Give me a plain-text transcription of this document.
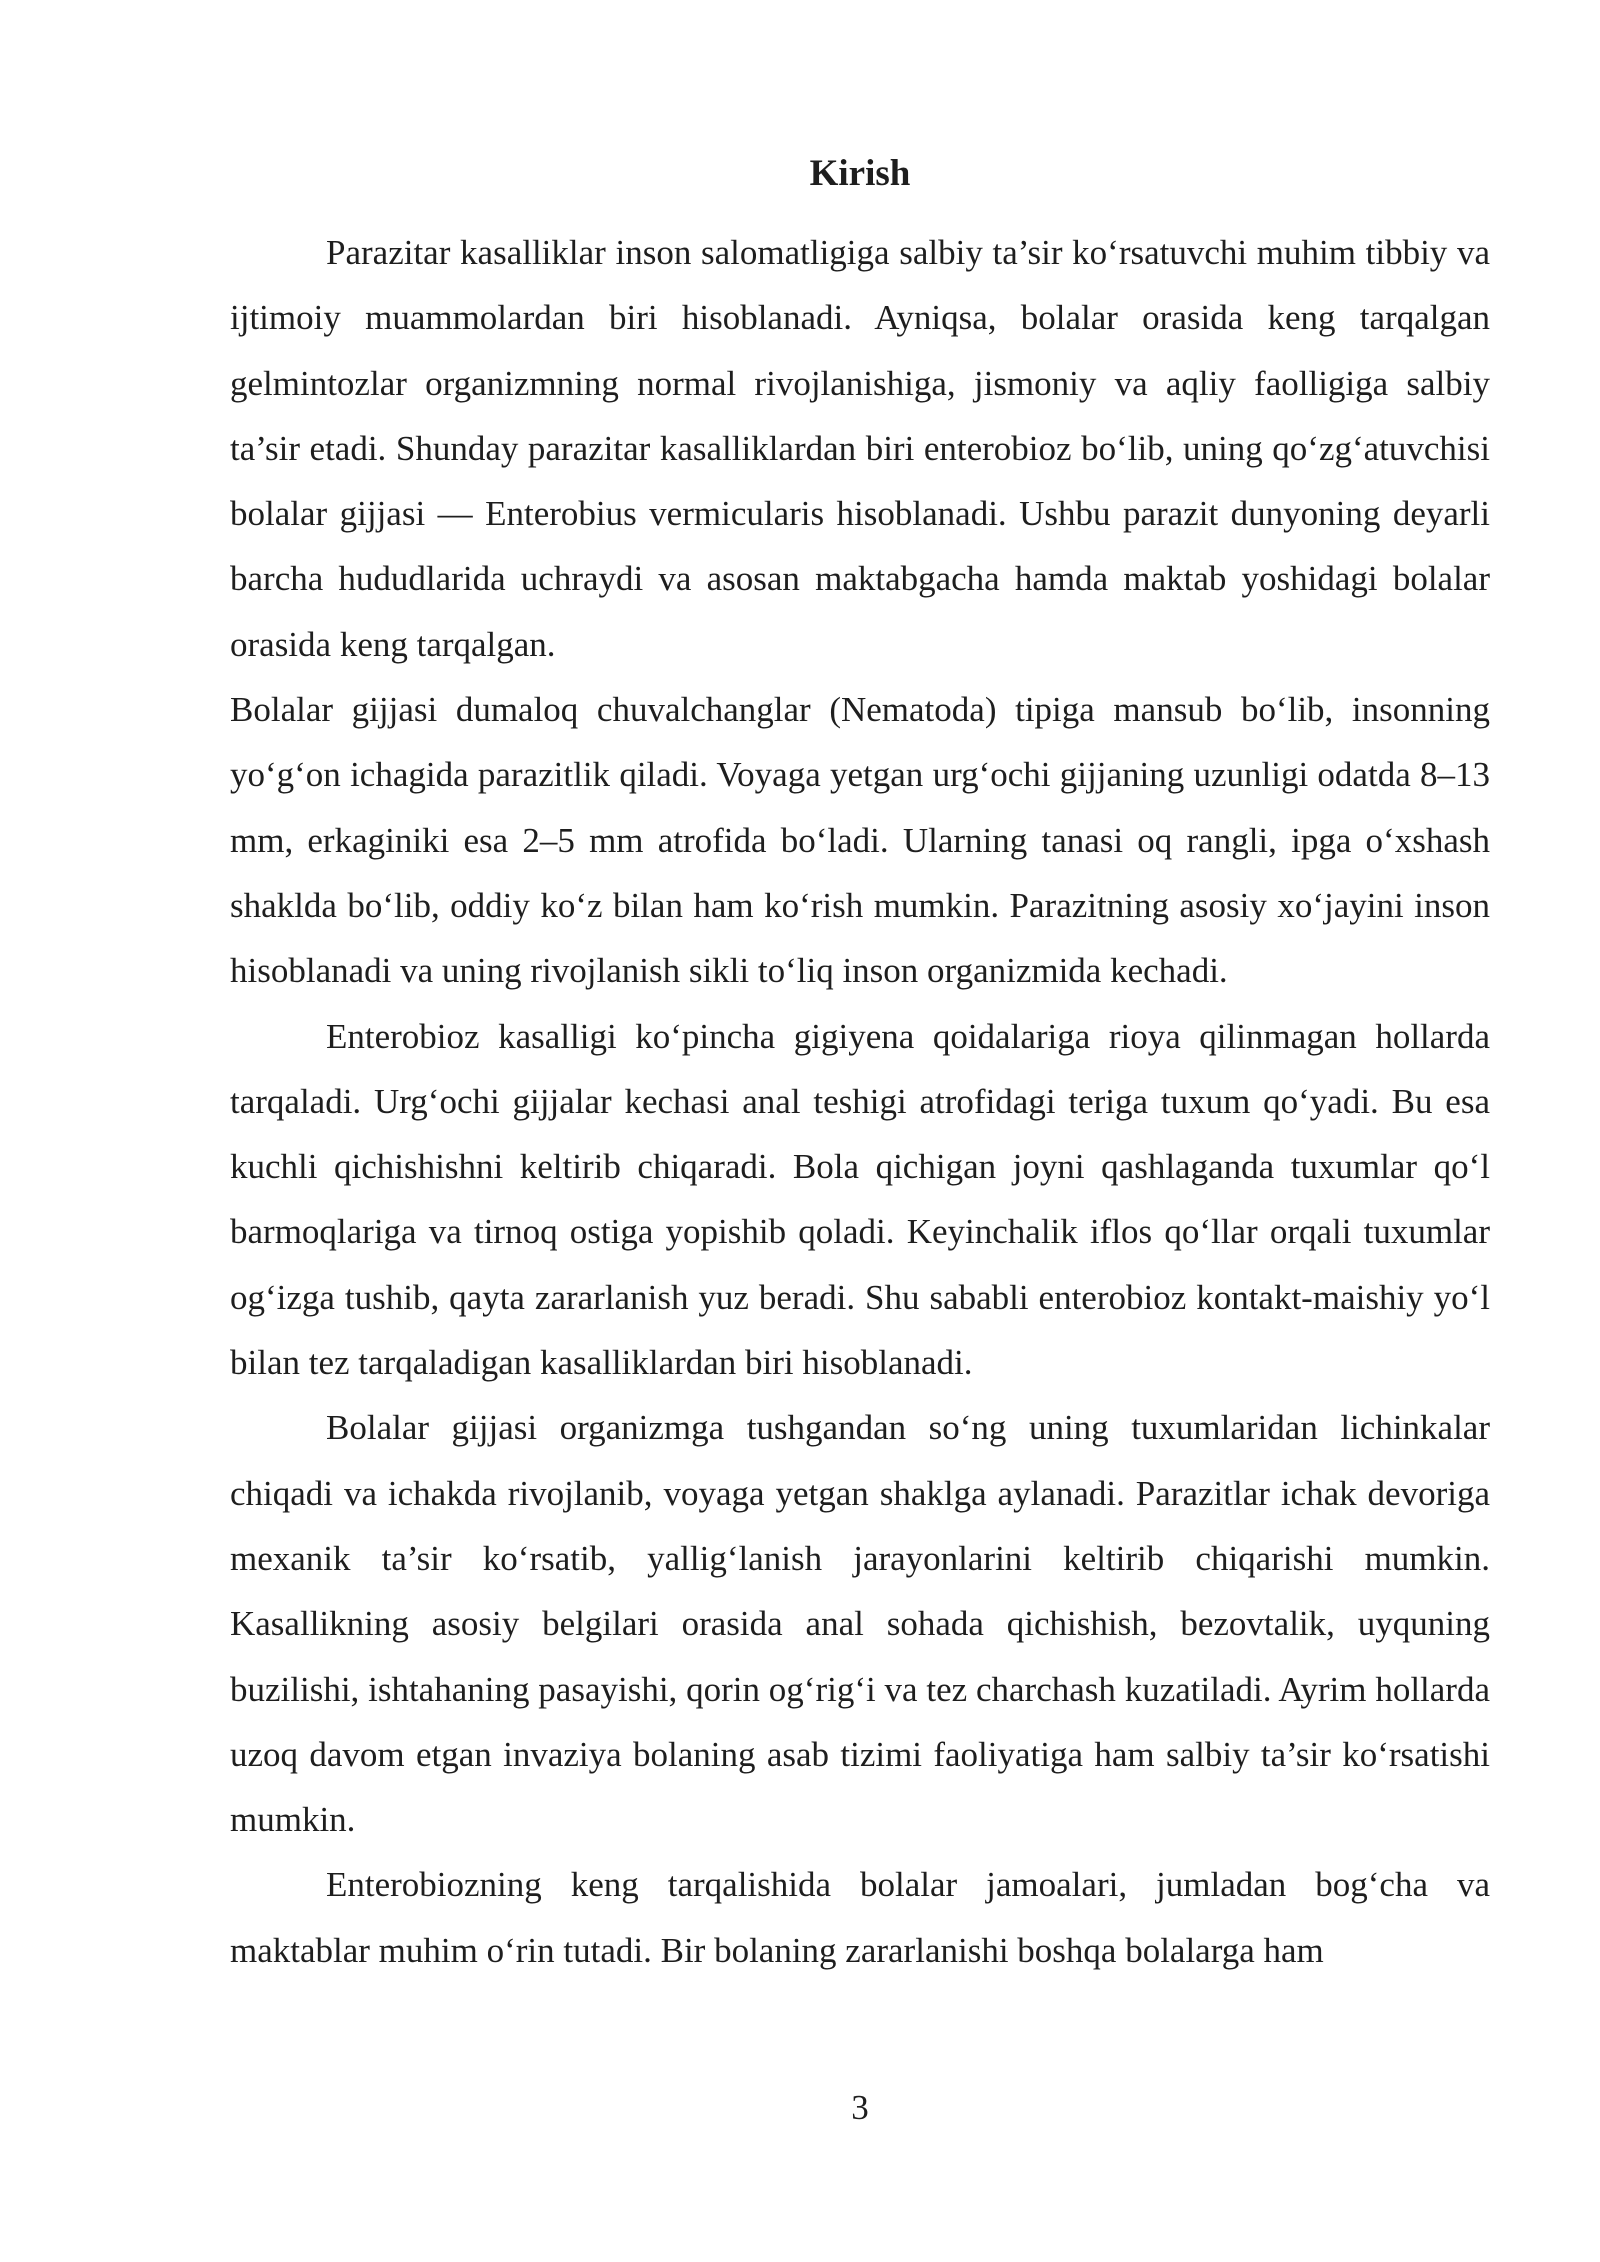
Kirish

Parazitar kasalliklar inson salomatligiga salbiy ta’sir ko‘rsatuvchi muhim tibbiy va ijtimoiy muammolardan biri hisoblanadi. Ayniqsa, bolalar orasida keng tarqalgan gelmintozlar organizmning normal rivojlanishiga, jismoniy va aqliy faolligiga salbiy ta’sir etadi. Shunday parazitar kasalliklardan biri enterobioz bo‘lib, uning qo‘zg‘atuvchisi bolalar gijjasi — Enterobius vermicularis hisoblanadi. Ushbu parazit dunyoning deyarli barcha hududlarida uchraydi va asosan maktabgacha hamda maktab yoshidagi bolalar orasida keng tarqalgan.

Bolalar gijjasi dumaloq chuvalchanglar (Nematoda) tipiga mansub bo‘lib, insonning yo‘g‘on ichagida parazitlik qiladi. Voyaga yetgan urg‘ochi gijjaning uzunligi odatda 8–13 mm, erkaginiki esa 2–5 mm atrofida bo‘ladi. Ularning tanasi oq rangli, ipga o‘xshash shaklda bo‘lib, oddiy ko‘z bilan ham ko‘rish mumkin. Parazitning asosiy xo‘jayini inson hisoblanadi va uning rivojlanish sikli to‘liq inson organizmida kechadi.

Enterobioz kasalligi ko‘pincha gigiyena qoidalariga rioya qilinmagan hollarda tarqaladi. Urg‘ochi gijjalar kechasi anal teshigi atrofidagi teriga tuxum qo‘yadi. Bu esa kuchli qichishishni keltirib chiqaradi. Bola qichigan joyni qashlaganda tuxumlar qo‘l barmoqlariga va tirnoq ostiga yopishib qoladi. Keyinchalik iflos qo‘llar orqali tuxumlar og‘izga tushib, qayta zararlanish yuz beradi. Shu sababli enterobioz kontakt-maishiy yo‘l bilan tez tarqaladigan kasalliklardan biri hisoblanadi.

Bolalar gijjasi organizmga tushgandan so‘ng uning tuxumlaridan lichinkalar chiqadi va ichakda rivojlanib, voyaga yetgan shaklga aylanadi. Parazitlar ichak devoriga mexanik ta’sir ko‘rsatib, yallig‘lanish jarayonlarini keltirib chiqarishi mumkin. Kasallikning asosiy belgilari orasida anal sohada qichishish, bezovtalik, uyquning buzilishi, ishtahaning pasayishi, qorin og‘rig‘i va tez charchash kuzatiladi. Ayrim hollarda uzoq davom etgan invaziya bolaning asab tizimi faoliyatiga ham salbiy ta’sir ko‘rsatishi mumkin.

Enterobiozning keng tarqalishida bolalar jamoalari, jumladan bog‘cha va maktablar muhim o‘rin tutadi. Bir bolaning zararlanishi boshqa bolalarga ham

3
